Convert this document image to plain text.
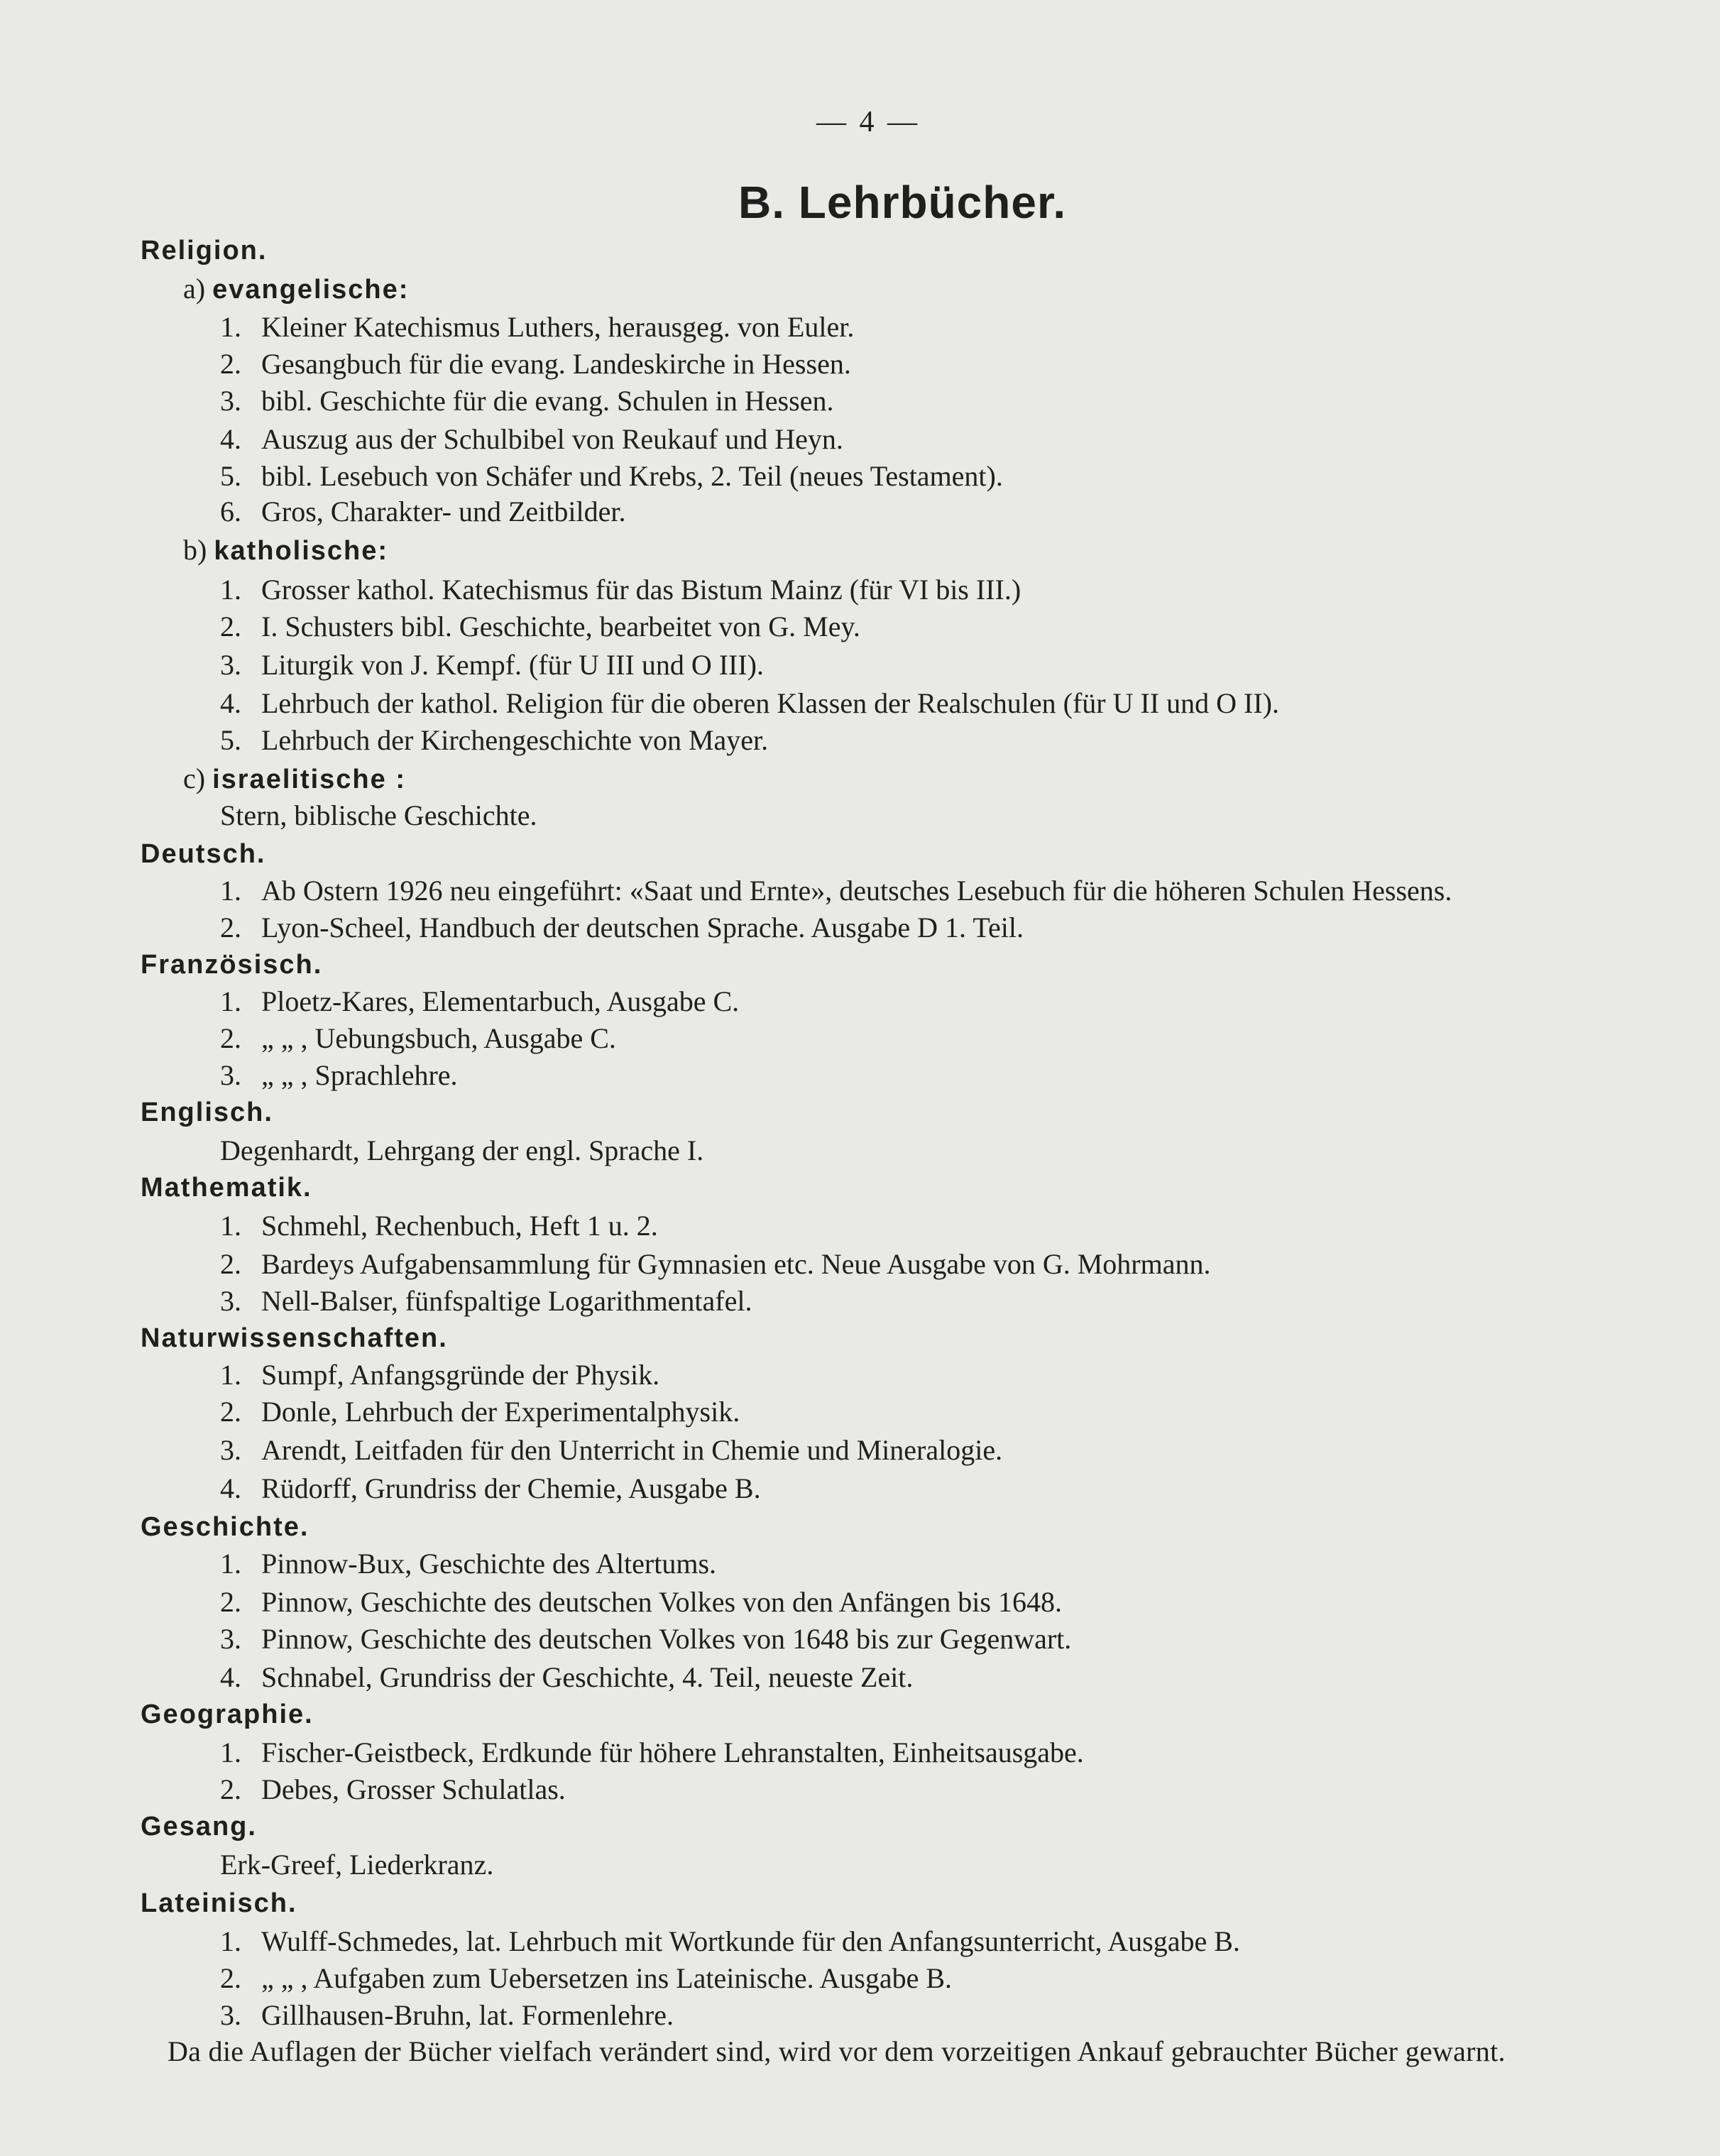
— 4 —
B. Lehrbücher.
Religion.
a) evangelische:
1. Kleiner Katechismus Luthers, herausgeg. von Euler.
2. Gesangbuch für die evang. Landeskirche in Hessen.
3. bibl. Geschichte für die evang. Schulen in Hessen.
4. Auszug aus der Schulbibel von Reukauf und Heyn.
5. bibl. Lesebuch von Schäfer und Krebs, 2. Teil (neues Testament).
6. Gros, Charakter- und Zeitbilder.
b) katholische:
1. Grosser kathol. Katechismus für das Bistum Mainz (für VI bis III.)
2. I. Schusters bibl. Geschichte, bearbeitet von G. Mey.
3. Liturgik von J. Kempf. (für U III und O III).
4. Lehrbuch der kathol. Religion für die oberen Klassen der Realschulen (für U II und O II).
5. Lehrbuch der Kirchengeschichte von Mayer.
c) israelitische :
Stern, biblische Geschichte.
Deutsch.
1. Ab Ostern 1926 neu eingeführt: «Saat und Ernte», deutsches Lesebuch für die höheren Schulen Hessens.
2. Lyon-Scheel, Handbuch der deutschen Sprache. Ausgabe D 1. Teil.
Französisch.
1. Ploetz-Kares, Elementarbuch, Ausgabe C.
2. „ „ , Uebungsbuch, Ausgabe C.
3. „ „ , Sprachlehre.
Englisch.
Degenhardt, Lehrgang der engl. Sprache I.
Mathematik.
1. Schmehl, Rechenbuch, Heft 1 u. 2.
2. Bardeys Aufgabensammlung für Gymnasien etc. Neue Ausgabe von G. Mohrmann.
3. Nell-Balser, fünfspaltige Logarithmentafel.
Naturwissenschaften.
1. Sumpf, Anfangsgründe der Physik.
2. Donle, Lehrbuch der Experimentalphysik.
3. Arendt, Leitfaden für den Unterricht in Chemie und Mineralogie.
4. Rüdorff, Grundriss der Chemie, Ausgabe B.
Geschichte.
1. Pinnow-Bux, Geschichte des Altertums.
2. Pinnow, Geschichte des deutschen Volkes von den Anfängen bis 1648.
3. Pinnow, Geschichte des deutschen Volkes von 1648 bis zur Gegenwart.
4. Schnabel, Grundriss der Geschichte, 4. Teil, neueste Zeit.
Geographie.
1. Fischer-Geistbeck, Erdkunde für höhere Lehranstalten, Einheitsausgabe.
2. Debes, Grosser Schulatlas.
Gesang.
Erk-Greef, Liederkranz.
Lateinisch.
1. Wulff-Schmedes, lat. Lehrbuch mit Wortkunde für den Anfangsunterricht, Ausgabe B.
2. „ „ , Aufgaben zum Uebersetzen ins Lateinische. Ausgabe B.
3. Gillhausen-Bruhn, lat. Formenlehre.
Da die Auflagen der Bücher vielfach verändert sind, wird vor dem vorzeitigen Ankauf gebrauchter Bücher gewarnt.
